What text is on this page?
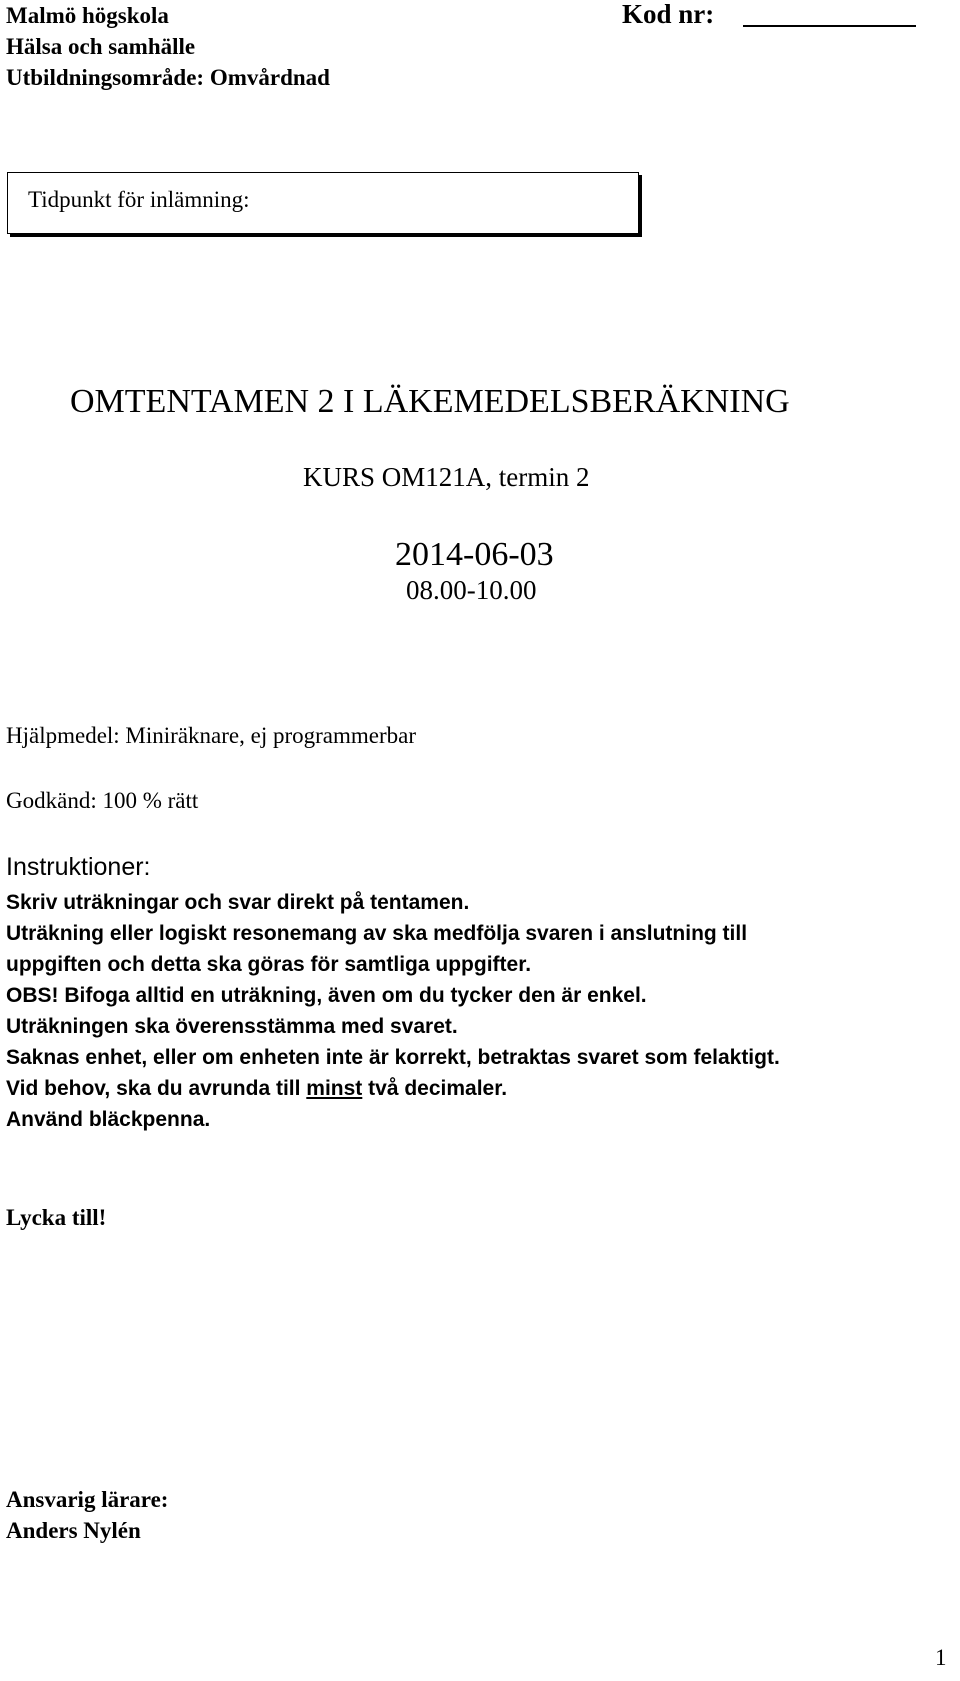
Malmö högskola
Hälsa och samhälle
Utbildningsområde: Omvårdnad
Kod nr:
Tidpunkt för inlämning:
OMTENTAMEN 2 I LÄKEMEDELSBERÄKNING
KURS OM121A, termin 2
2014-06-03
08.00-10.00
Hjälpmedel: Miniräknare, ej programmerbar
Godkänd: 100 % rätt
Instruktioner:
Skriv uträkningar och svar direkt på tentamen.
Uträkning eller logiskt resonemang av ska medfölja svaren i anslutning till
uppgiften och detta ska göras för samtliga uppgifter.
OBS! Bifoga alltid en uträkning, även om du tycker den är enkel.
Uträkningen ska överensstämma med svaret.
Saknas enhet, eller om enheten inte är korrekt, betraktas svaret som felaktigt.
Vid behov, ska du avrunda till minst två decimaler.
Använd bläckpenna.
Lycka till!
Ansvarig lärare:
Anders Nylén
1
